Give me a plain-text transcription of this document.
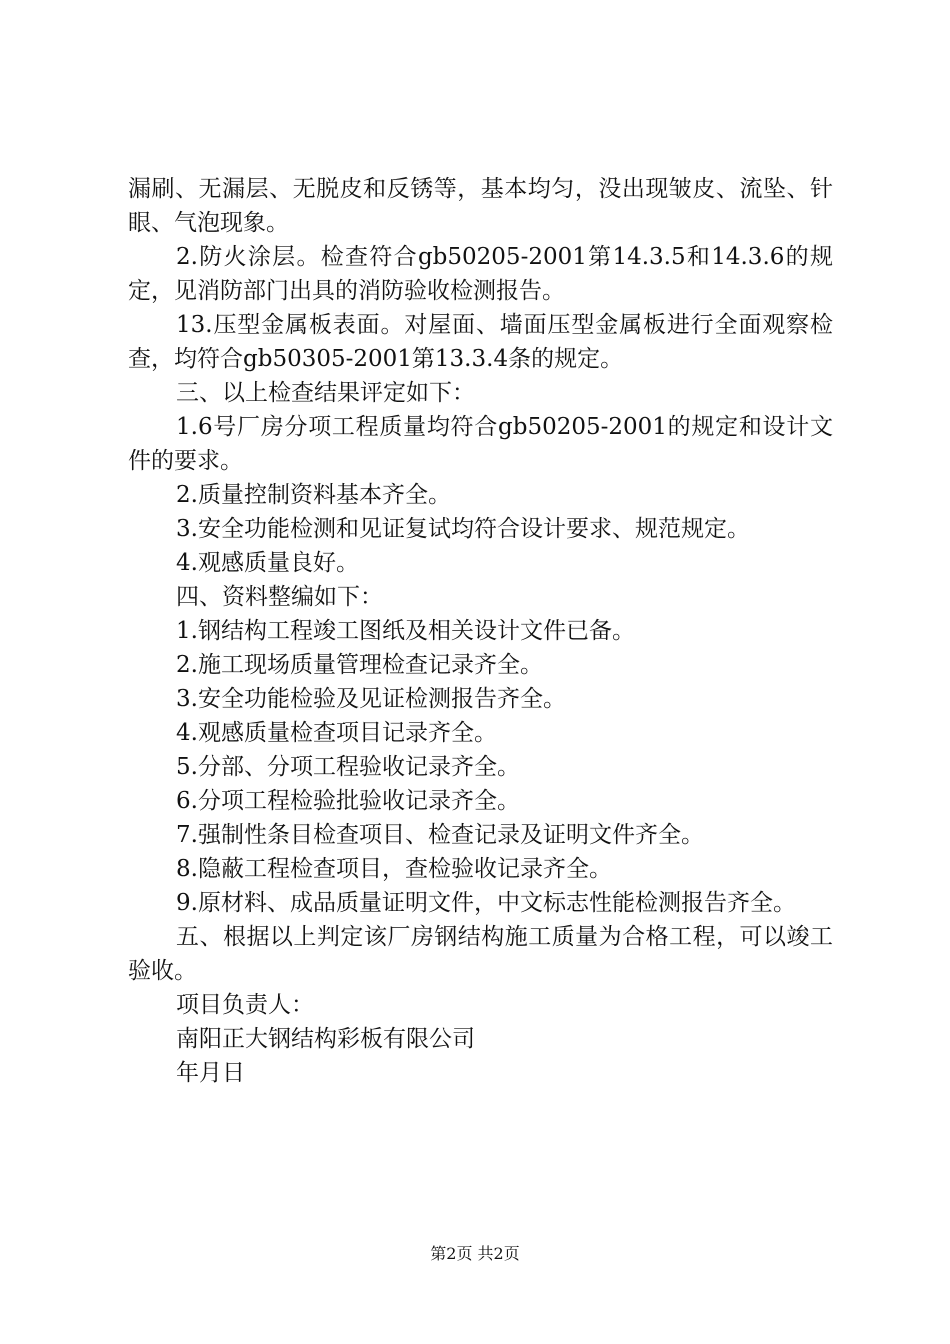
漏刷、无漏层、无脱皮和反锈等，基本均匀，没出现皱皮、流坠、针眼、气泡现象。

2.防火涂层。检查符合gb50205-2001第14.3.5和14.3.6的规定，见消防部门出具的消防验收检测报告。

13.压型金属板表面。对屋面、墙面压型金属板进行全面观察检查，均符合gb50305-2001第13.3.4条的规定。

三、以上检查结果评定如下：

1.6号厂房分项工程质量均符合gb50205-2001的规定和设计文件的要求。

2.质量控制资料基本齐全。

3.安全功能检测和见证复试均符合设计要求、规范规定。

4.观感质量良好。

四、资料整编如下：

1.钢结构工程竣工图纸及相关设计文件已备。

2.施工现场质量管理检查记录齐全。

3.安全功能检验及见证检测报告齐全。

4.观感质量检查项目记录齐全。

5.分部、分项工程验收记录齐全。

6.分项工程检验批验收记录齐全。

7.强制性条目检查项目、检查记录及证明文件齐全。

8.隐蔽工程检查项目，查检验收记录齐全。

9.原材料、成品质量证明文件，中文标志性能检测报告齐全。

五、根据以上判定该厂房钢结构施工质量为合格工程，可以竣工验收。

项目负责人：

南阳正大钢结构彩板有限公司

年月日

第2页 共2页
